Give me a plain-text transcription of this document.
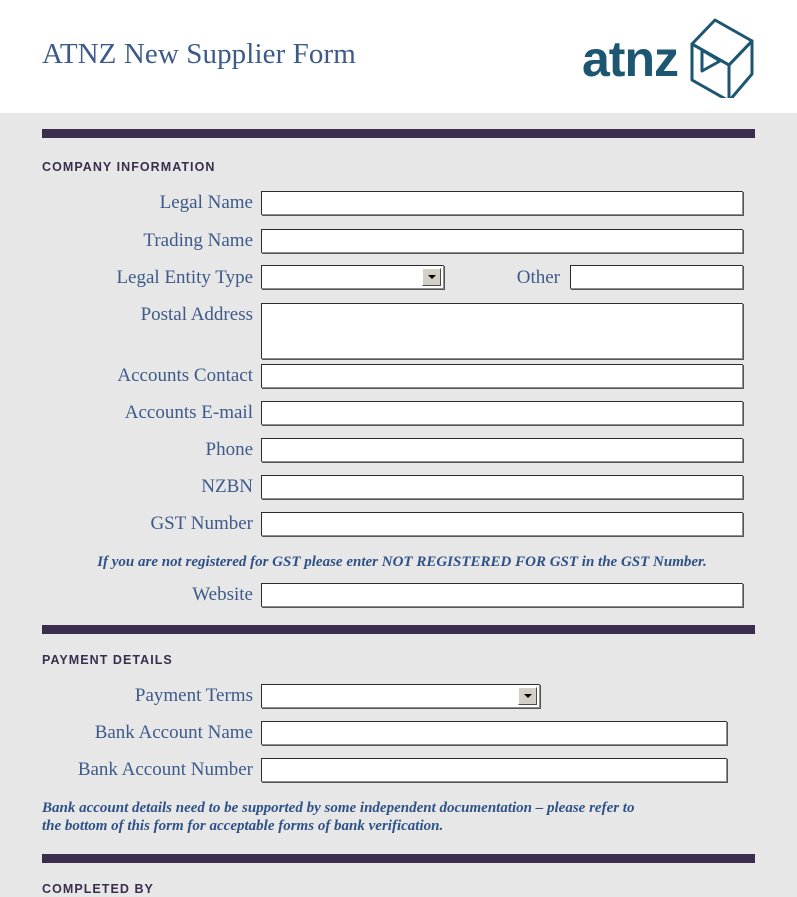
ATNZ New Supplier Form	atnz
COMPANY INFORMATION
Legal Name
Trading Name
Legal Entity Type	Other
Postal Address
Accounts Contact
Accounts E-mail
Phone
NZBN
GST Number
If you are not registered for GST please enter NOT REGISTERED FOR GST in the GST Number.
Website
PAYMENT DETAILS
Payment Terms
Bank Account Name
Bank Account Number
Bank account details need to be supported by some independent documentation – please refer to
the bottom of this form for acceptable forms of bank verification.
COMPLETED BY
